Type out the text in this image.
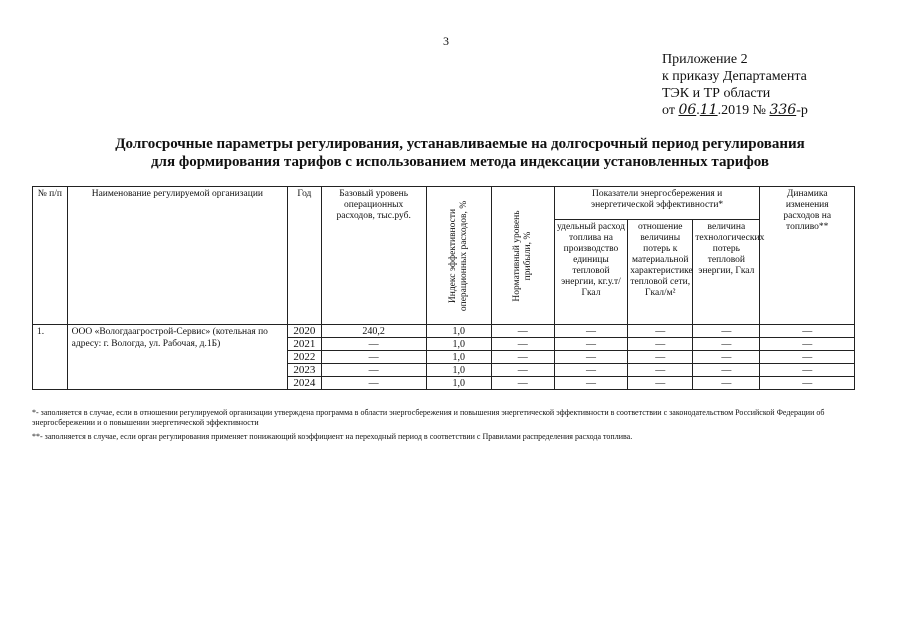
3
Приложение 2
к приказу Департамента
ТЭК и ТР области
от 06.11.2019 № 336-р
Долгосрочные параметры регулирования, устанавливаемые на долгосрочный период регулирования
для формирования тарифов с использованием метода индексации установленных тарифов
№ п/п	Наименование регулируемой организации	Год	Базовый уровень операционных расходов, тыс.руб.	Индекс эффективности операционных расходов, %	Нормативный уровень прибыли, %	Показатели энергосбережения и энергетической эффективности*			Динамика изменения расходов на топливо**
						удельный расход топлива на производство единицы тепловой энергии, кг.у.т/Гкал	отношение величины потерь к материальной характеристике тепловой сети, Гкал/м²	величина технологических потерь тепловой энергии, Гкал	
1.	ООО «Вологдаагрострой-Сервис» (котельная по адресу: г. Вологда, ул. Рабочая, д.1Б)	2020	240,2	1,0	—	—	—	—	—
		2021	—	1,0	—	—	—	—	—
		2022	—	1,0	—	—	—	—	—
		2023	—	1,0	—	—	—	—	—
		2024	—	1,0	—	—	—	—	—

*- заполняется в случае, если в отношении регулируемой организации утверждена программа в области энергосбережения и повышения энергетической эффективности в соответствии с законодательством Российской Федерации об энергосбережении и о повышении энергетической эффективности

**- заполняется в случае, если орган регулирования применяет понижающий коэффициент на переходный период в соответствии с Правилами распределения расхода топлива.
